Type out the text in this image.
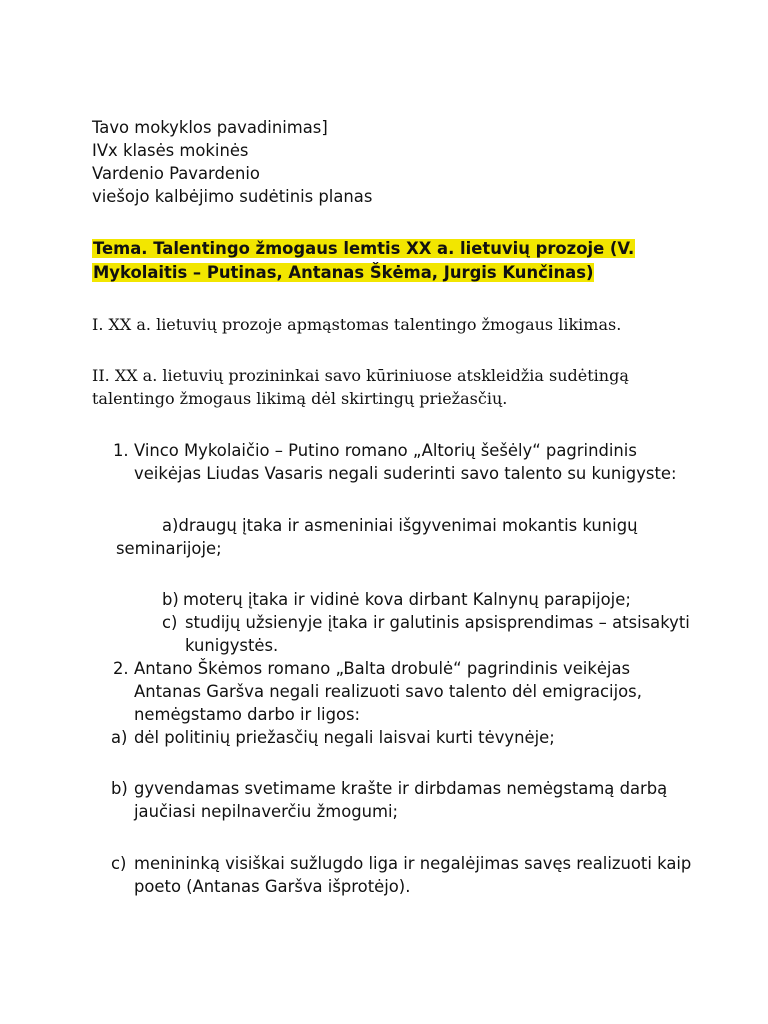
Tavo mokyklos pavadinimas]
IVx klasės mokinės
Vardenio Pavardenio
viešojo kalbėjimo sudėtinis planas
Tema. Talentingo žmogaus lemtis XX a. lietuvių prozoje (V.
Mykolaitis – Putinas, Antanas Škėma, Jurgis Kunčinas)
I. XX a. lietuvių prozoje apmąstomas talentingo žmogaus likimas.
II. XX a. lietuvių prozininkai savo kūriniuose atskleidžia sudėtingą
talentingo žmogaus likimą dėl skirtingų priežasčių.
1. Vinco Mykolaičio – Putino romano „Altorių šešėly“ pagrindinis
veikėjas Liudas Vasaris negali suderinti savo talento su kunigyste:
a)draugų įtaka ir asmeniniai išgyvenimai mokantis kunigų
seminarijoje;
b) moterų įtaka ir vidinė kova dirbant Kalnynų parapijoje;
c) studijų užsienyje įtaka ir galutinis apsisprendimas – atsisakyti
kunigystės.
2. Antano Škėmos romano „Balta drobulė“ pagrindinis veikėjas
Antanas Garšva negali realizuoti savo talento dėl emigracijos,
nemėgstamo darbo ir ligos:
a) dėl politinių priežasčių negali laisvai kurti tėvynėje;
b) gyvendamas svetimame krašte ir dirbdamas nemėgstamą darbą
jaučiasi nepilnaverčiu žmogumi;
c) menininką visiškai sužlugdo liga ir negalėjimas savęs realizuoti kaip
poeto (Antanas Garšva išprotėjo).
